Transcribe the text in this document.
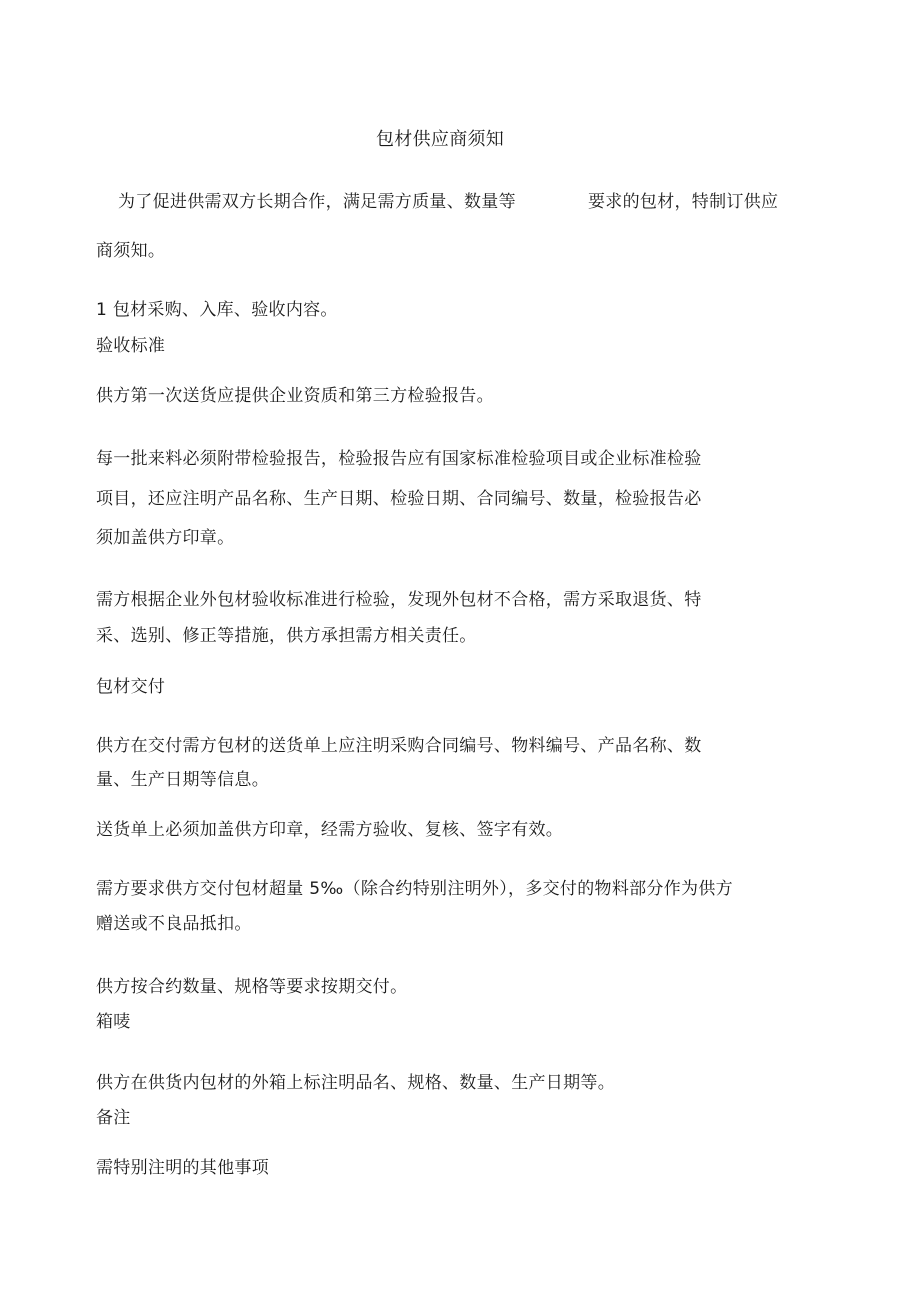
包材供应商须知
为了促进供需双方长期合作，满足需方质量、数量等	要求的包材，特制订供应
商须知。
1 包材采购、入库、验收内容。
验收标准
供方第一次送货应提供企业资质和第三方检验报告。
每一批来料必须附带检验报告，检验报告应有国家标准检验项目或企业标准检验
项目，还应注明产品名称、生产日期、检验日期、合同编号、数量，检验报告必
须加盖供方印章。
需方根据企业外包材验收标准进行检验，发现外包材不合格，需方采取退货、特
采、选别、修正等措施，供方承担需方相关责任。
包材交付
供方在交付需方包材的送货单上应注明采购合同编号、物料编号、产品名称、数
量、生产日期等信息。
送货单上必须加盖供方印章，经需方验收、复核、签字有效。
需方要求供方交付包材超量 5‰（除合约特别注明外），多交付的物料部分作为供方
赠送或不良品抵扣。
供方按合约数量、规格等要求按期交付。
箱唛
供方在供货内包材的外箱上标注明品名、规格、数量、生产日期等。
备注
需特别注明的其他事项
